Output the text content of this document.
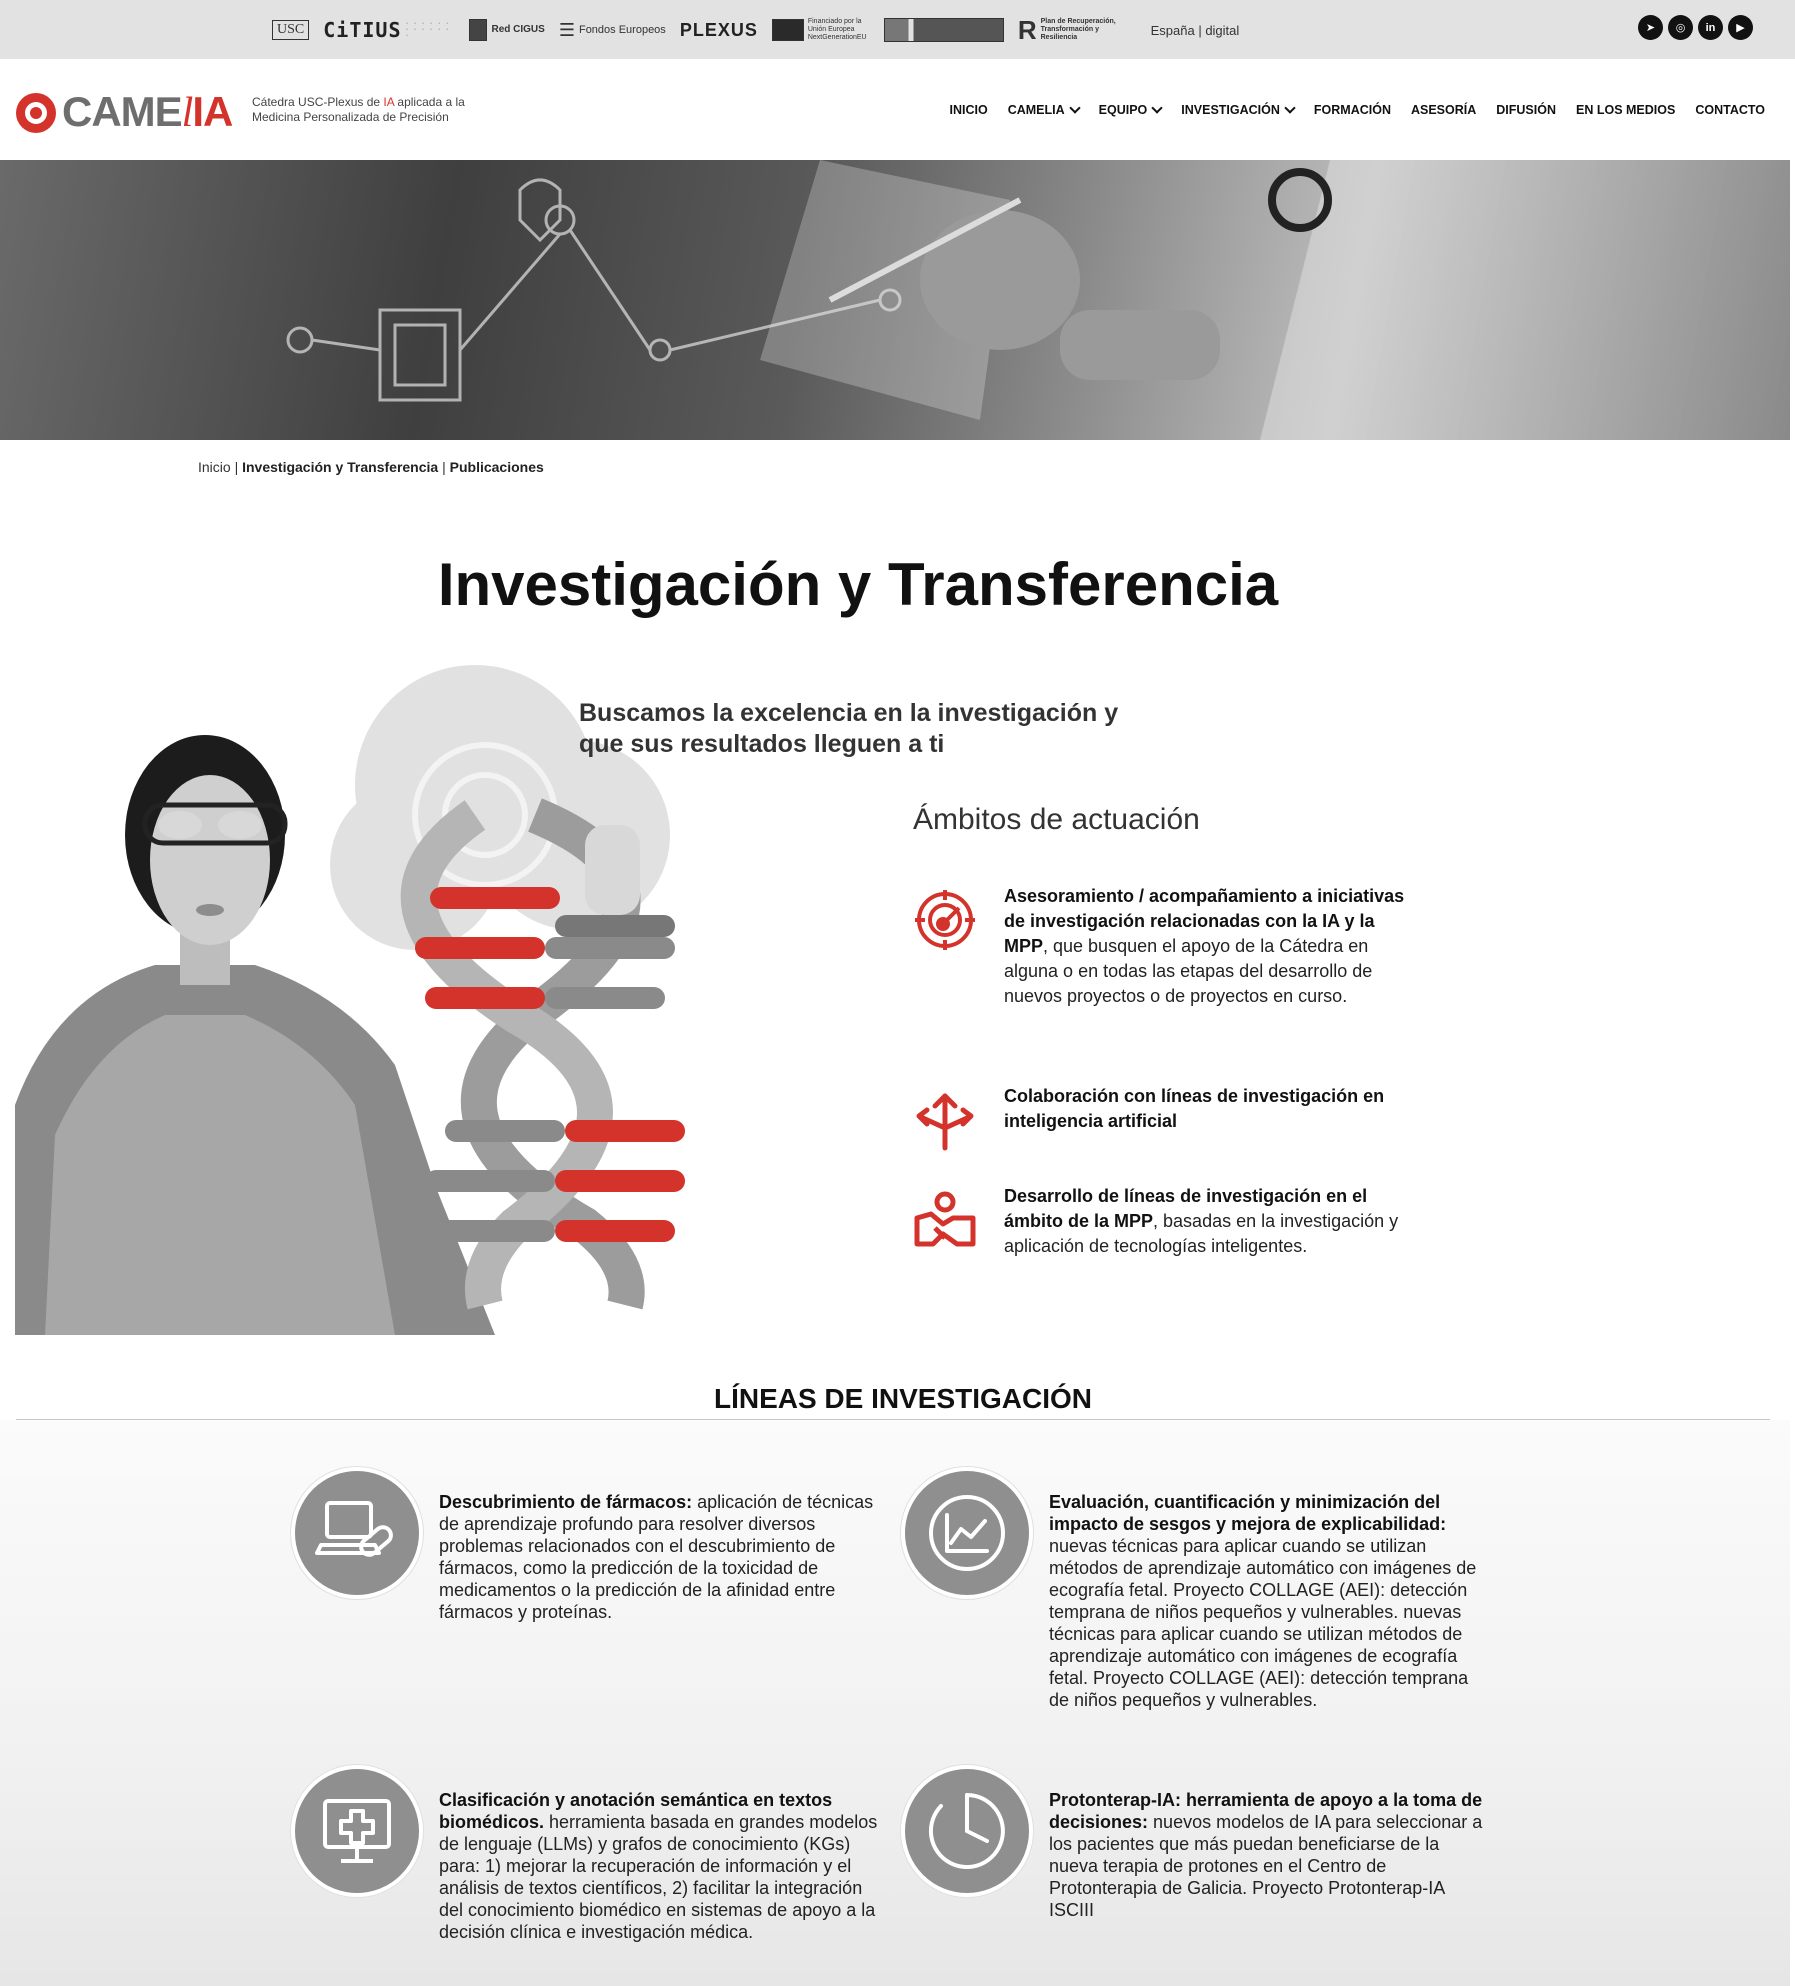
USC CiTIUS · · · · · · · · · · · · ·
Red CIGUS ☰ Fondos Europeos PLEXUS	Financiado por la Unión Europea NextGenerationEU	R Plan de Recuperación, Transformación y Resiliencia	España | digital	➤	◎	in	▶
CAMElIA Cátedra USC-Plexus de IA aplicada a la
Medicina Personalizada de Precisión	INICIO CAMELIA	EQUIPO	INVESTIGACIÓN	FORMACIÓN ASESORÍA DIFUSIÓN EN LOS MEDIOS CONTACTO
Inicio | Investigación y Transferencia | Publicaciones
Investigación y Transferencia
Buscamos la excelencia en la investigación y
que sus resultados lleguen a ti
Ámbitos de actuación
Asesoramiento / acompañamiento a iniciativas de investigación relacionadas con la IA y la MPP, que busquen el apoyo de la Cátedra en alguna o en todas las etapas del desarrollo de nuevos proyectos o de proyectos en curso.
Colaboración con líneas de investigación en inteligencia artificial
Desarrollo de líneas de investigación en el ámbito de la MPP, basadas en la investigación y aplicación de tecnologías inteligentes.
LÍNEAS DE INVESTIGACIÓN
Descubrimiento de fármacos: aplicación de técnicas de aprendizaje profundo para resolver diversos problemas relacionados con el descubrimiento de fármacos, como la predicción de la toxicidad de medicamentos o la predicción de la afinidad entre fármacos y proteínas.
Evaluación, cuantificación y minimización del impacto de sesgos y mejora de explicabilidad: nuevas técnicas para aplicar cuando se utilizan métodos de aprendizaje automático con imágenes de ecografía fetal. Proyecto COLLAGE (AEI): detección temprana de niños pequeños y vulnerables. nuevas técnicas para aplicar cuando se utilizan métodos de aprendizaje automático con imágenes de ecografía fetal. Proyecto COLLAGE (AEI): detección temprana de niños pequeños y vulnerables.
Clasificación y anotación semántica en textos biomédicos. herramienta basada en grandes modelos de lenguaje (LLMs) y grafos de conocimiento (KGs) para: 1) mejorar la recuperación de información y el análisis de textos científicos, 2) facilitar la integración del conocimiento biomédico en sistemas de apoyo a la decisión clínica e investigación médica.
Protonterap-IA: herramienta de apoyo a la toma de decisiones: nuevos modelos de IA para seleccionar a los pacientes que más puedan beneficiarse de la nueva terapia de protones en el Centro de Protonterapia de Galicia. Proyecto Protonterap-IA ISCIII
